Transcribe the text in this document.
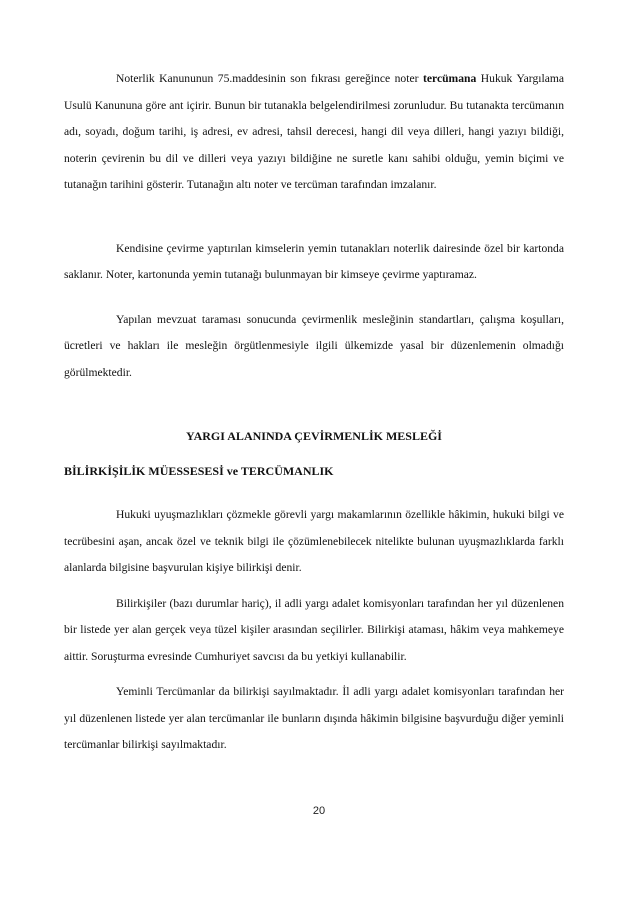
Noterlik Kanununun 75.maddesinin son fıkrası gereğince noter tercümana Hukuk Yargılama Usulü Kanununa göre ant içirir. Bunun bir tutanakla belgelendirilmesi zorunludur. Bu tutanakta tercümanın adı, soyadı, doğum tarihi, iş adresi, ev adresi, tahsil derecesi, hangi dil veya dilleri, hangi yazıyı bildiği, noterin çevirenin bu dil ve dilleri veya yazıyı bildiğine ne suretle kanı sahibi olduğu, yemin biçimi ve tutanağın tarihini gösterir. Tutanağın altı noter ve tercüman tarafından imzalanır.

Kendisine çevirme yaptırılan kimselerin yemin tutanakları noterlik dairesinde özel bir kartonda saklanır. Noter, kartonunda yemin tutanağı bulunmayan bir kimseye çevirme yaptıramaz.

Yapılan mevzuat taraması sonucunda çevirmenlik mesleğinin standartları, çalışma koşulları, ücretleri ve hakları ile mesleğin örgütlenmesiyle ilgili ülkemizde yasal bir düzenlemenin olmadığı görülmektedir.

YARGI ALANINDA ÇEVİRMENLİK MESLEĞİ
BİLİRKİŞİLİK MÜESSESESİ ve TERCÜMANLIK

Hukuki uyuşmazlıkları çözmekle görevli yargı makamlarının özellikle hâkimin, hukuki bilgi ve tecrübesini aşan, ancak özel ve teknik bilgi ile çözümlenebilecek nitelikte bulunan uyuşmazlıklarda farklı alanlarda bilgisine başvurulan kişiye bilirkişi denir.

Bilirkişiler (bazı durumlar hariç), il adli yargı adalet komisyonları tarafından her yıl düzenlenen bir listede yer alan gerçek veya tüzel kişiler arasından seçilirler. Bilirkişi ataması, hâkim veya mahkemeye aittir. Soruşturma evresinde Cumhuriyet savcısı da bu yetkiyi kullanabilir.

Yeminli Tercümanlar da bilirkişi sayılmaktadır. İl adli yargı adalet komisyonları tarafından her yıl düzenlenen listede yer alan tercümanlar ile bunların dışında hâkimin bilgisine başvurduğu diğer yeminli tercümanlar bilirkişi sayılmaktadır.

20
